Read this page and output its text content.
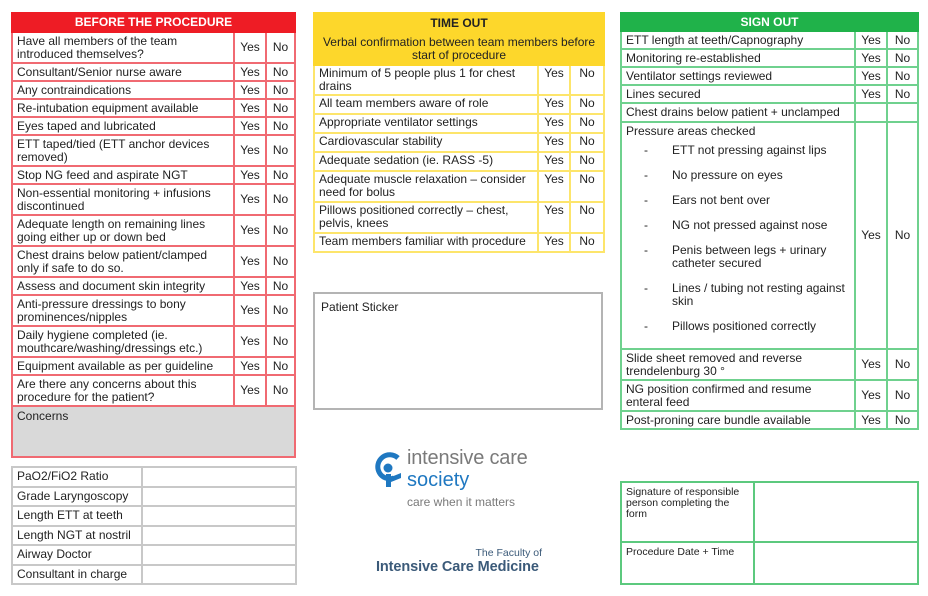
BEFORE THE PROCEDURE		
Have all members of the team introduced themselves?	Yes	No
Consultant/Senior nurse aware	Yes	No
Any contraindications	Yes	No
Re-intubation equipment available	Yes	No
Eyes taped and lubricated	Yes	No
ETT taped/tied (ETT anchor devices removed)	Yes	No
Stop NG feed and aspirate NGT	Yes	No
Non-essential monitoring + infusions discontinued	Yes	No
Adequate length on remaining lines going either up or down bed	Yes	No
Chest drains below patient/clamped only if safe to do so.	Yes	No
Assess and document skin integrity	Yes	No
Anti-pressure dressings to bony prominences/nipples	Yes	No
Daily hygiene completed (ie. mouthcare/washing/dressings etc.)	Yes	No
Equipment available as per guideline	Yes	No
Are there any concerns about this procedure for the patient?	Yes	No
Concerns		
TIME OUT		
Verbal confirmation between team members before start of procedure		
Minimum of 5 people plus 1 for chest drains	Yes	No
All team members aware of role	Yes	No
Appropriate ventilator settings	Yes	No
Cardiovascular stability	Yes	No
Adequate sedation (ie. RASS -5)	Yes	No
Adequate muscle relaxation – consider need for bolus	Yes	No
Pillows positioned correctly – chest, pelvis, knees	Yes	No
Team members familiar with procedure	Yes	No
Patient Sticker
SIGN OUT		
ETT length at teeth/Capnography	Yes	No
Monitoring re-established	Yes	No
Ventilator settings reviewed	Yes	No
Lines secured	Yes	No
Chest drains below patient + unclamped		

Pressure areas checked
-	ETT not pressing against lips
-	No pressure on eyes
-	Ears not bent over
-	NG not pressed against nose
-	Penis between legs + urinary catheter secured
-	Lines / tubing not resting against skin
-	Pillows positioned correctly
	Yes	No
Slide sheet removed and reverse trendelenburg 30 °	Yes	No
NG position confirmed and resume enteral feed	Yes	No
Post-proning care bundle available	Yes	No
PaO2/FiO2 Ratio	
Grade Laryngoscopy	
Length ETT at teeth	
Length NGT at nostril	
Airway Doctor	
Consultant in charge	
intensive care
society
care when it matters
The Faculty of
Intensive Care Medicine
Signature of responsible person completing the form	
Procedure Date + Time	
